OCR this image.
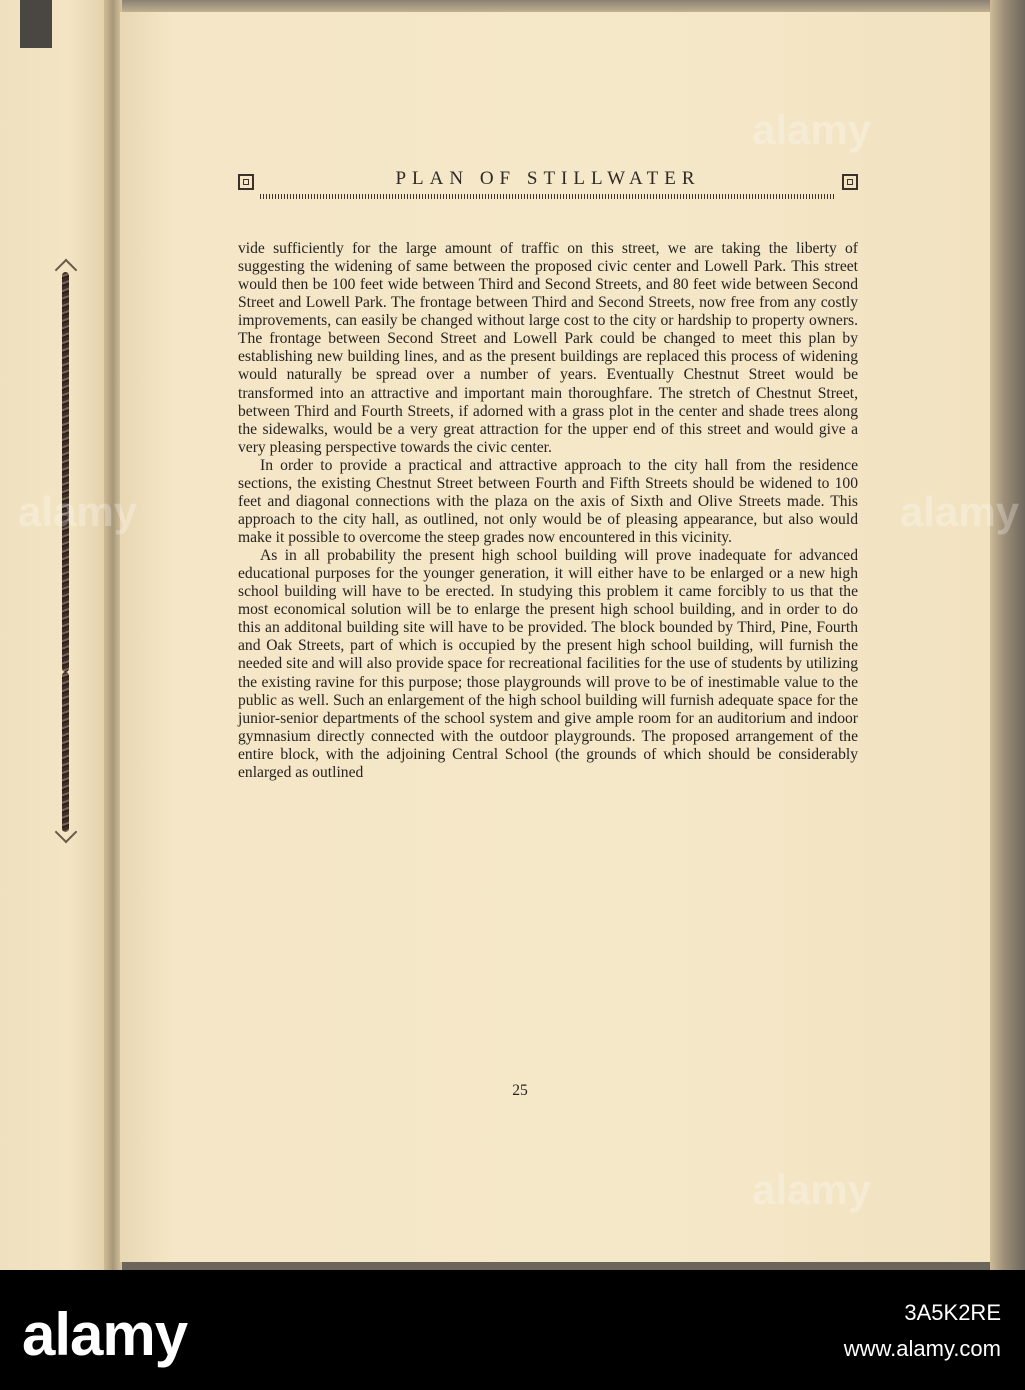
PLAN OF STILLWATER

vide sufficiently for the large amount of traffic on this street, we are taking the liberty of suggesting the widening of same between the proposed civic center and Lowell Park. This street would then be 100 feet wide between Third and Second Streets, and 80 feet wide between Second Street and Lowell Park. The frontage between Third and Second Streets, now free from any costly improvements, can easily be changed without large cost to the city or hardship to property owners. The frontage between Second Street and Lowell Park could be changed to meet this plan by establishing new building lines, and as the present buildings are replaced this process of widening would naturally be spread over a number of years. Eventually Chestnut Street would be transformed into an attractive and important main thoroughfare. The stretch of Chestnut Street, between Third and Fourth Streets, if adorned with a grass plot in the center and shade trees along the sidewalks, would be a very great attraction for the upper end of this street and would give a very pleasing perspective towards the civic center.

In order to provide a practical and attractive approach to the city hall from the residence sections, the existing Chestnut Street between Fourth and Fifth Streets should be widened to 100 feet and diagonal connections with the plaza on the axis of Sixth and Olive Streets made. This approach to the city hall, as outlined, not only would be of pleasing appearance, but also would make it possible to overcome the steep grades now encountered in this vicinity.

As in all probability the present high school building will prove inadequate for advanced educational purposes for the younger generation, it will either have to be enlarged or a new high school building will have to be erected. In studying this problem it came forcibly to us that the most economical solution will be to enlarge the present high school building, and in order to do this an additonal building site will have to be provided. The block bounded by Third, Pine, Fourth and Oak Streets, part of which is occupied by the present high school building, will furnish the needed site and will also provide space for recreational facilities for the use of students by utilizing the existing ravine for this purpose; those playgrounds will prove to be of inestimable value to the public as well. Such an enlargement of the high school building will furnish adequate space for the junior-senior departments of the school system and give ample room for an auditorium and indoor gymnasium directly connected with the outdoor playgrounds. The proposed arrangement of the entire block, with the adjoining Central School (the grounds of which should be considerably enlarged as outlined

25
alamy
alamy	alamy
alamy
alamy	3A5K2RE
www.alamy.com
